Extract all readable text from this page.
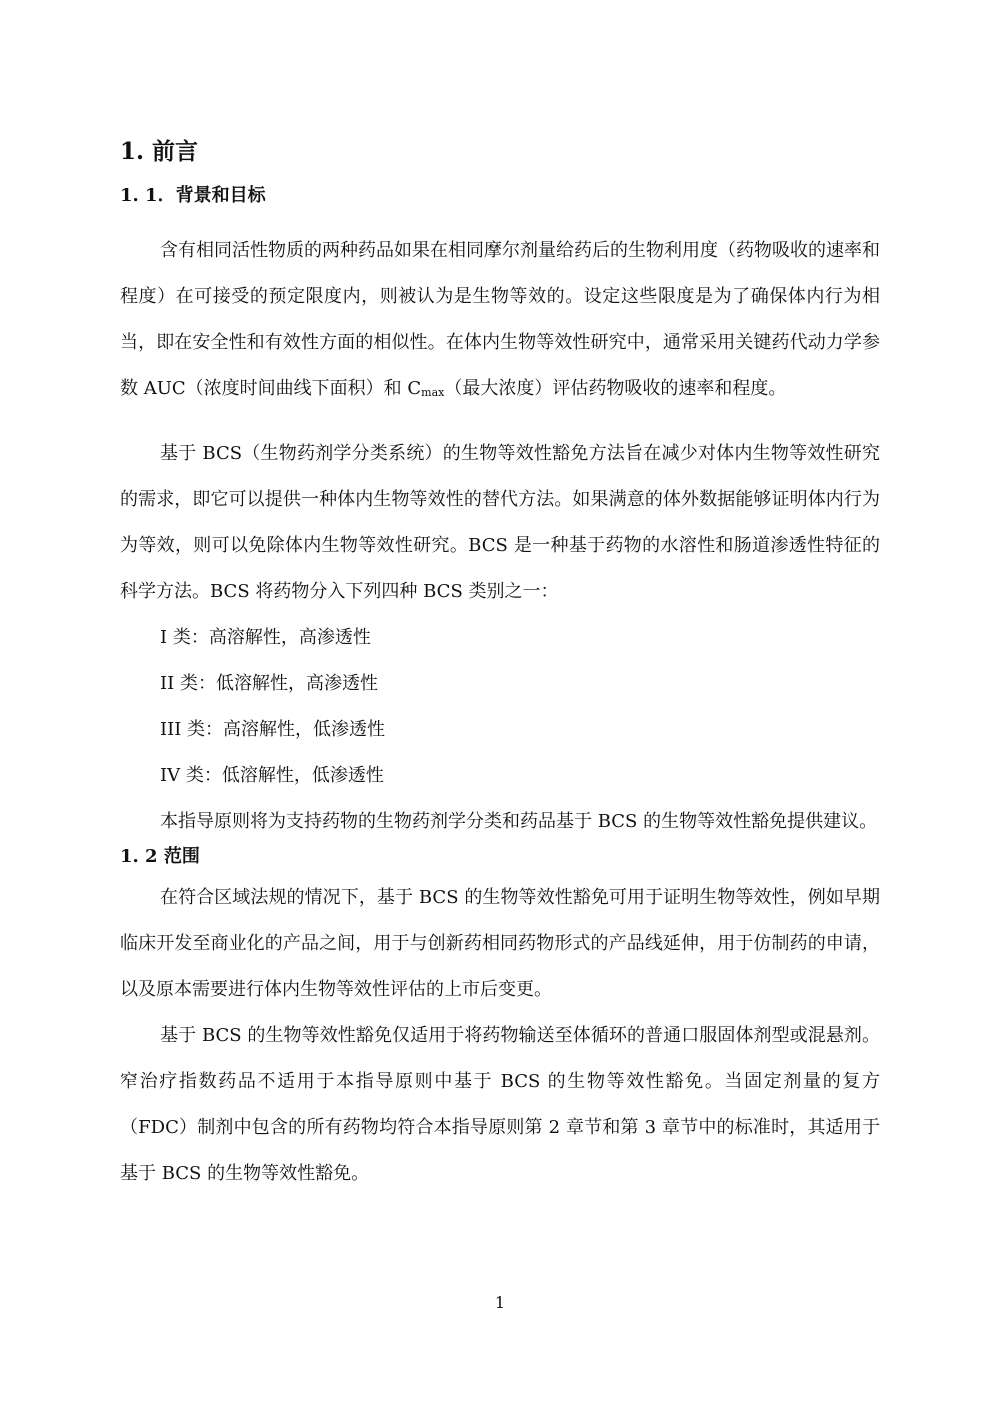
1. 前言
1. 1．背景和目标

含有相同活性物质的两种药品如果在相同摩尔剂量给药后的生物利用度（药物吸收的速率和程度）在可接受的预定限度内，则被认为是生物等效的。设定这些限度是为了确保体内行为相当，即在安全性和有效性方面的相似性。在体内生物等效性研究中，通常采用关键药代动力学参数 AUC（浓度时间曲线下面积）和 $C_{max}$（最大浓度）评估药物吸收的速率和程度。

基于 BCS（生物药剂学分类系统）的生物等效性豁免方法旨在减少对体内生物等效性研究的需求，即它可以提供一种体内生物等效性的替代方法。如果满意的体外数据能够证明体内行为为等效，则可以免除体内生物等效性研究。BCS 是一种基于药物的水溶性和肠道渗透性特征的科学方法。BCS 将药物分入下列四种 BCS 类别之一：

I 类：高溶解性，高渗透性
II 类：低溶解性，高渗透性
III 类：高溶解性，低渗透性
IV 类：低溶解性，低渗透性

本指导原则将为支持药物的生物药剂学分类和药品基于 BCS 的生物等效性豁免提供建议。

1. 2 范围

在符合区域法规的情况下，基于 BCS 的生物等效性豁免可用于证明生物等效性，例如早期临床开发至商业化的产品之间，用于与创新药相同药物形式的产品线延伸，用于仿制药的申请，以及原本需要进行体内生物等效性评估的上市后变更。

基于 BCS 的生物等效性豁免仅适用于将药物输送至体循环的普通口服固体剂型或混悬剂。窄治疗指数药品不适用于本指导原则中基于 BCS 的生物等效性豁免。当固定剂量的复方（FDC）制剂中包含的所有药物均符合本指导原则第 2 章节和第 3 章节中的标准时，其适用于基于 BCS 的生物等效性豁免。

1
